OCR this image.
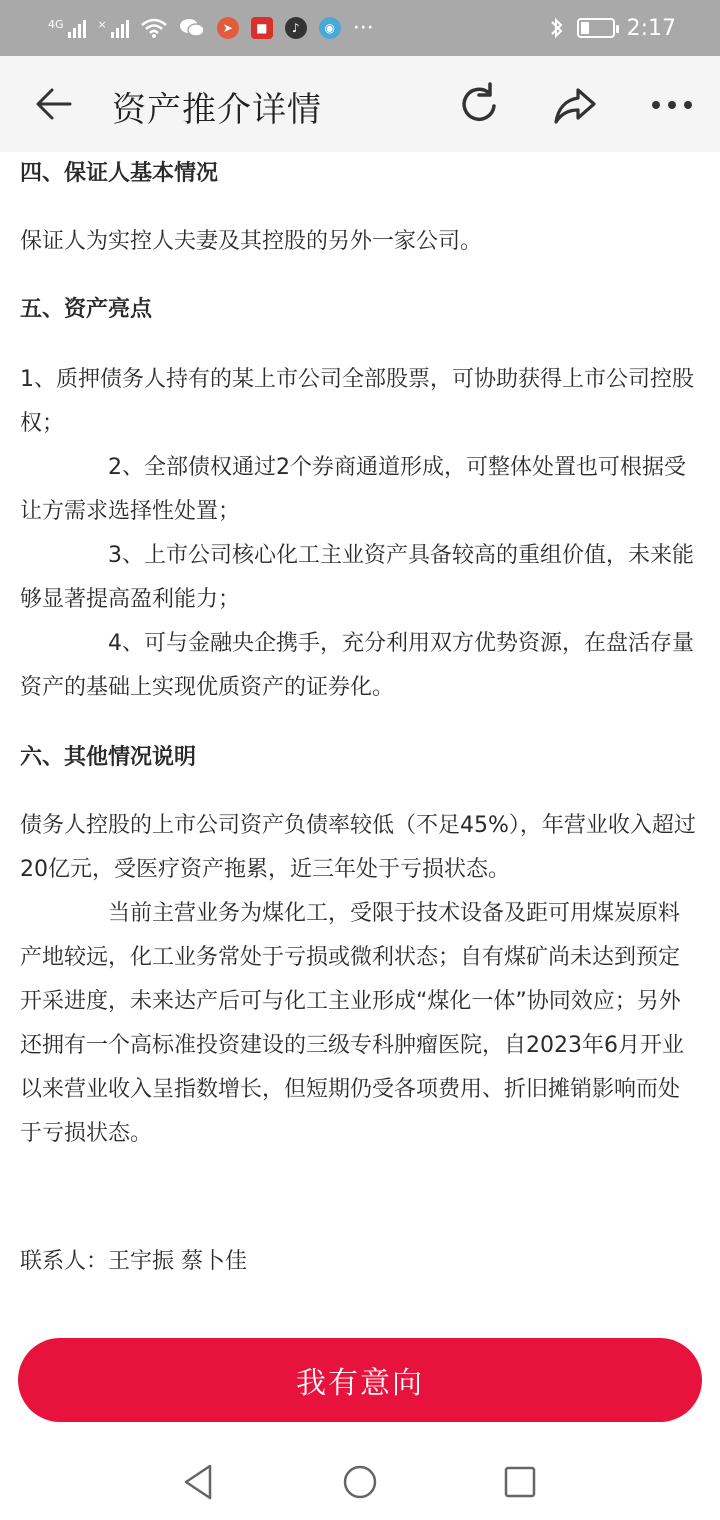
4G	×	➤	■	♪	◉ ···	2:17
资产推介详情

四、保证人基本情况

保证人为实控人夫妻及其控股的另外一家公司。

五、资产亮点

1、质押债务人持有的某上市公司全部股票，可协助获得上市公司控股权；

2、全部债权通过2个券商通道形成，可整体处置也可根据受让方需求选择性处置；

3、上市公司核心化工主业资产具备较高的重组价值，未来能够显著提高盈利能力；

4、可与金融央企携手，充分利用双方优势资源，在盘活存量资产的基础上实现优质资产的证券化。

六、其他情况说明

债务人控股的上市公司资产负债率较低（不足45%），年营业收入超过20亿元，受医疗资产拖累，近三年处于亏损状态。

当前主营业务为煤化工，受限于技术设备及距可用煤炭原料产地较远，化工业务常处于亏损或微利状态；自有煤矿尚未达到预定开采进度，未来达产后可与化工主业形成“煤化一体”协同效应；另外还拥有一个高标准投资建设的三级专科肿瘤医院，自2023年6月开业以来营业收入呈指数增长，但短期仍受各项费用、折旧摊销影响而处于亏损状态。

联系人：王宇振 蔡卜佳

我有意向
